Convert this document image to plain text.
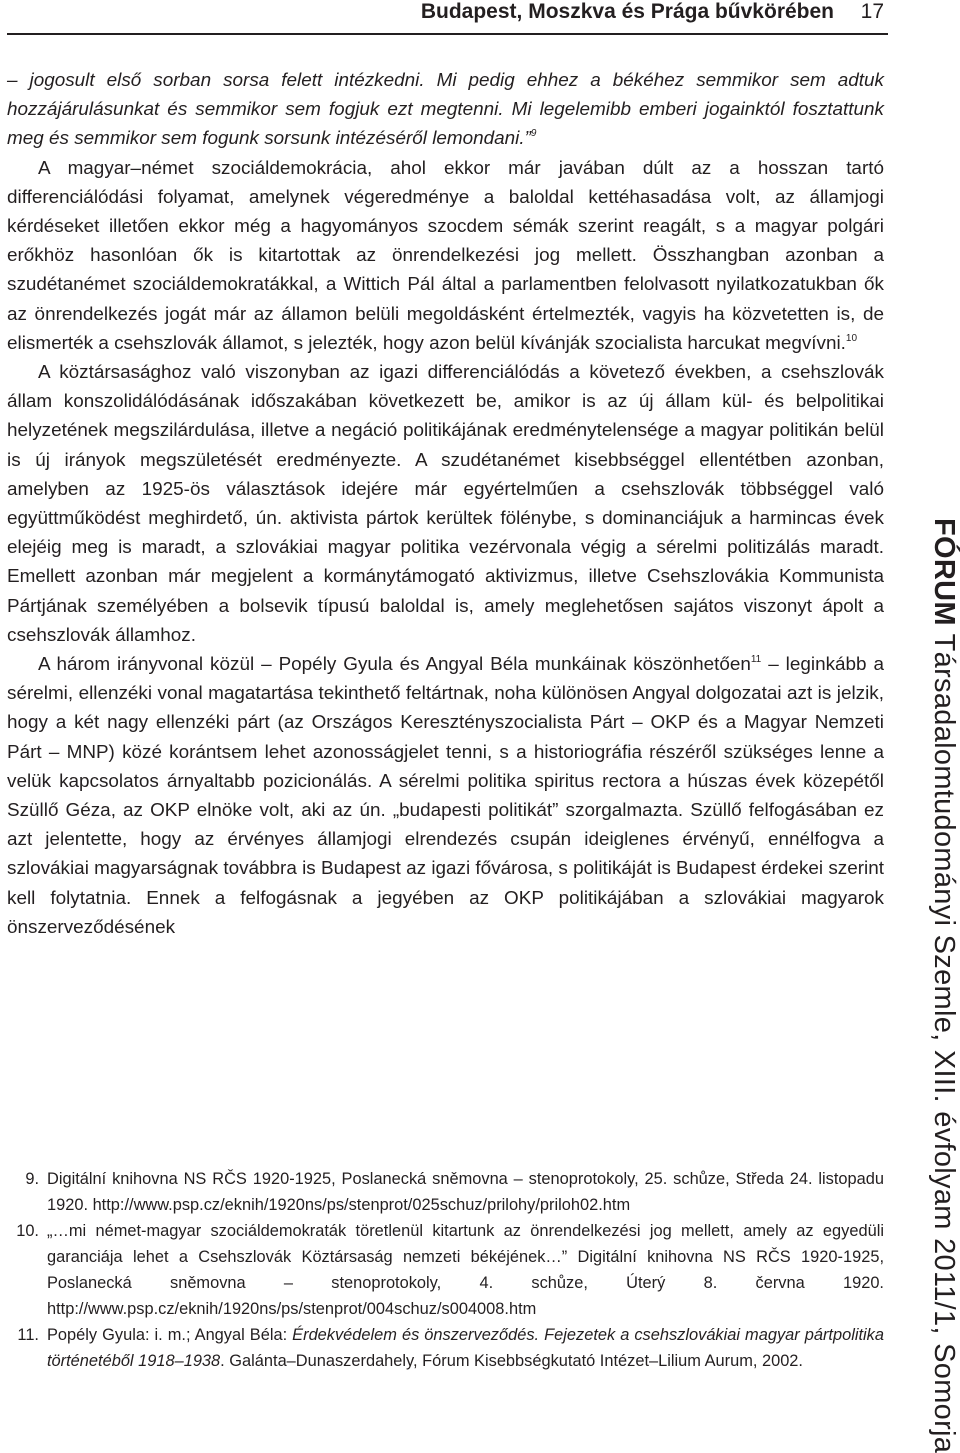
Budapest, Moszkva és Prága bűvkörében 17

– jogosult első sorban sorsa felett intézkedni. Mi pedig ehhez a békéhez semmikor sem adtuk hozzájárulásunkat és semmikor sem fogjuk ezt megtenni. Mi legelemibb emberi jogainktól fosztattunk meg és semmikor sem fogunk sorsunk intézéséről lemondani.”$^9$

A magyar–német szociáldemokrácia, ahol ekkor már javában dúlt az a hosszan tartó differenciálódási folyamat, amelynek végeredménye a baloldal kettéhasadása volt, az államjogi kérdéseket illetően ekkor még a hagyományos szocdem sémák szerint reagált, s a magyar polgári erőkhöz hasonlóan ők is kitartottak az önrendelkezési jog mellett. Összhangban azonban a szudétanémet szociáldemokratákkal, a Wittich Pál által a parlamentben felolvasott nyilatkozatukban ők az önrendelkezés jogát már az államon belüli megoldásként értelmezték, vagyis ha közvetetten is, de elismerték a csehszlovák államot, s jelezték, hogy azon belül kívánják szocialista harcukat megvívni.$^{10}$

A köztársasághoz való viszonyban az igazi differenciálódás a követező években, a csehszlovák állam konszolidálódásának időszakában következett be, amikor is az új állam kül- és belpolitikai helyzetének megszilárdulása, illetve a negáció politikájának eredménytelensége a magyar politikán belül is új irányok megszületését eredményezte. A szudétanémet kisebbséggel ellentétben azonban, amelyben az 1925-ös választások idejére már egyértelműen a csehszlovák többséggel való együttműködést meghirdető, ún. aktivista pártok kerültek fölénybe, s dominanciájuk a harmincas évek elejéig meg is maradt, a szlovákiai magyar politika vezérvonala végig a sérelmi politizálás maradt. Emellett azonban már megjelent a kormánytámogató aktivizmus, illetve Csehszlovákia Kommunista Pártjának személyében a bolsevik típusú baloldal is, amely meglehetősen sajátos viszonyt ápolt a csehszlovák államhoz.

A három irányvonal közül – Popély Gyula és Angyal Béla munkáinak köszönhetően$^{11}$ – leginkább a sérelmi, ellenzéki vonal magatartása tekinthető feltártnak, noha különösen Angyal dolgozatai azt is jelzik, hogy a két nagy ellenzéki párt (az Országos Keresztényszocialista Párt – OKP és a Magyar Nemzeti Párt – MNP) közé korántsem lehet azonosságjelet tenni, s a historiográfia részéről szükséges lenne a velük kapcsolatos árnyaltabb pozicionálás. A sérelmi politika spiritus rectora a húszas évek közepétől Szüllő Géza, az OKP elnöke volt, aki az ún. „budapesti politikát” szorgalmazta. Szüllő felfogásában ez azt jelentette, hogy az érvényes államjogi elrendezés csupán ideiglenes érvényű, ennélfogva a szlovákiai magyarságnak továbbra is Budapest az igazi fővárosa, s politikáját is Budapest érdekei szerint kell folytatnia. Ennek a felfogásnak a jegyében az OKP politikájában a szlovákiai magyarok önszerveződésének

9. Digitální knihovna NS RČS 1920-1925, Poslanecká sněmovna – stenoprotokoly, 25. schůze, Středa 24. listopadu 1920. http://www.psp.cz/eknih/1920ns/ps/stenprot/025schuz/prilohy/priloh02.htm
10. „…mi német-magyar szociáldemokraták töretlenül kitartunk az önrendelkezési jog mellett, amely az egyedüli garanciája lehet a Csehszlovák Köztársaság nemzeti békéjének…” Digitální knihovna NS RČS 1920-1925, Poslanecká sněmovna – stenoprotokoly, 4. schůze, Úterý 8. června 1920. http://www.psp.cz/eknih/1920ns/ps/stenprot/004schuz/s004008.htm
11. Popély Gyula: i. m.; Angyal Béla: Érdekvédelem és önszerveződés. Fejezetek a csehszlovákiai magyar pártpolitika történetéből 1918–1938. Galánta–Dunaszerdahely, Fórum Kisebbségkutató Intézet–Lilium Aurum, 2002.
FÓRUM Társadalomtudományi Szemle, XIII. évfolyam 2011/1, Somorja
